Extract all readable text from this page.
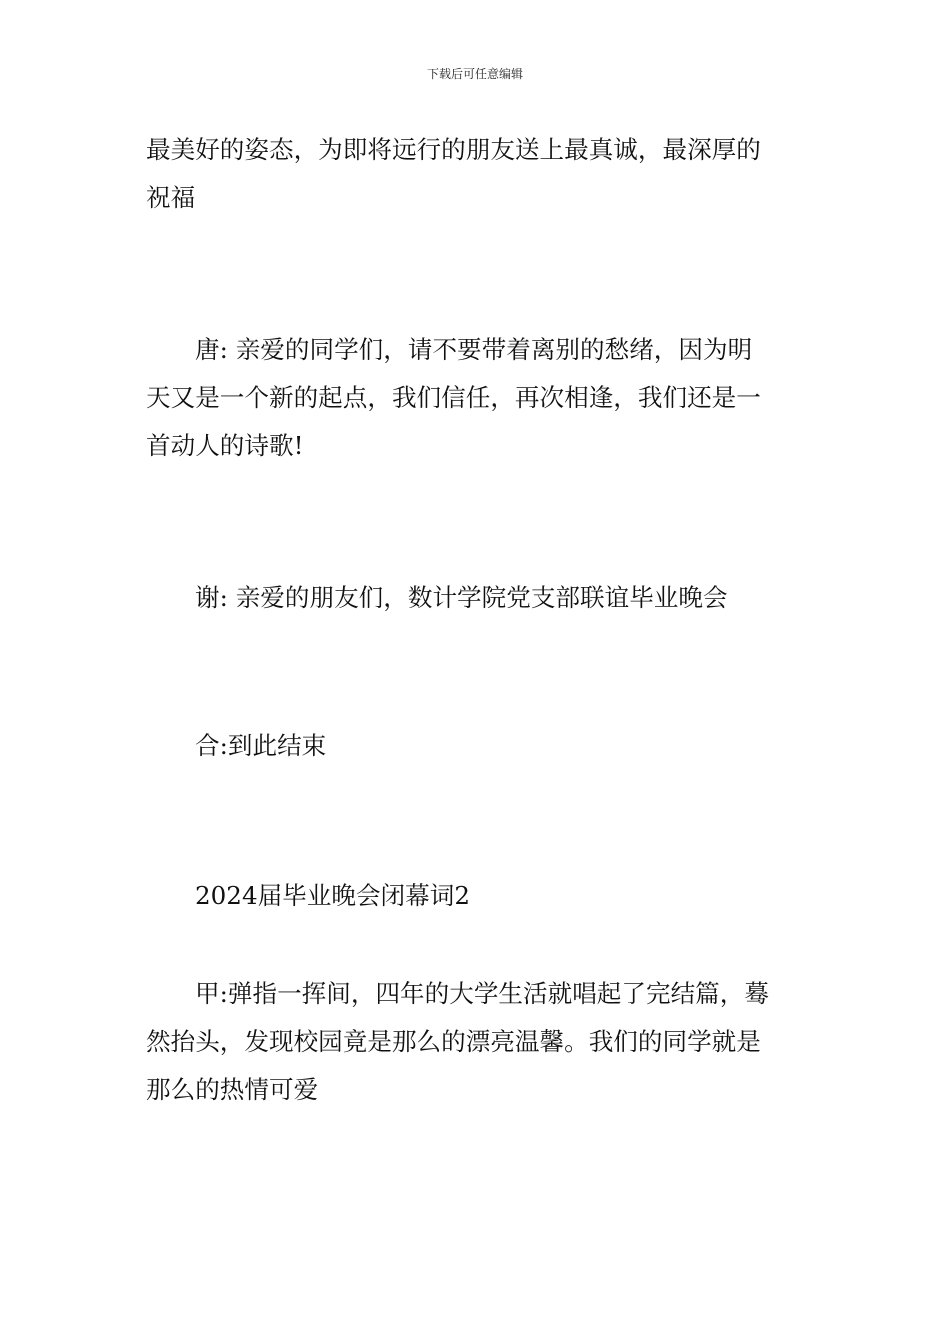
下载后可任意编辑

最美好的姿态，为即将远行的朋友送上最真诚，最深厚的
祝福

唐: 亲爱的同学们，请不要带着离别的愁绪，因为明
天又是一个新的起点，我们信任，再次相逢，我们还是一
首动人的诗歌!

谢: 亲爱的朋友们，数计学院党支部联谊毕业晚会

合:到此结束

2024届毕业晚会闭幕词2

甲:弹指一挥间，四年的大学生活就唱起了完结篇，蓦
然抬头，发现校园竟是那么的漂亮温馨。我们的同学就是
那么的热情可爱
